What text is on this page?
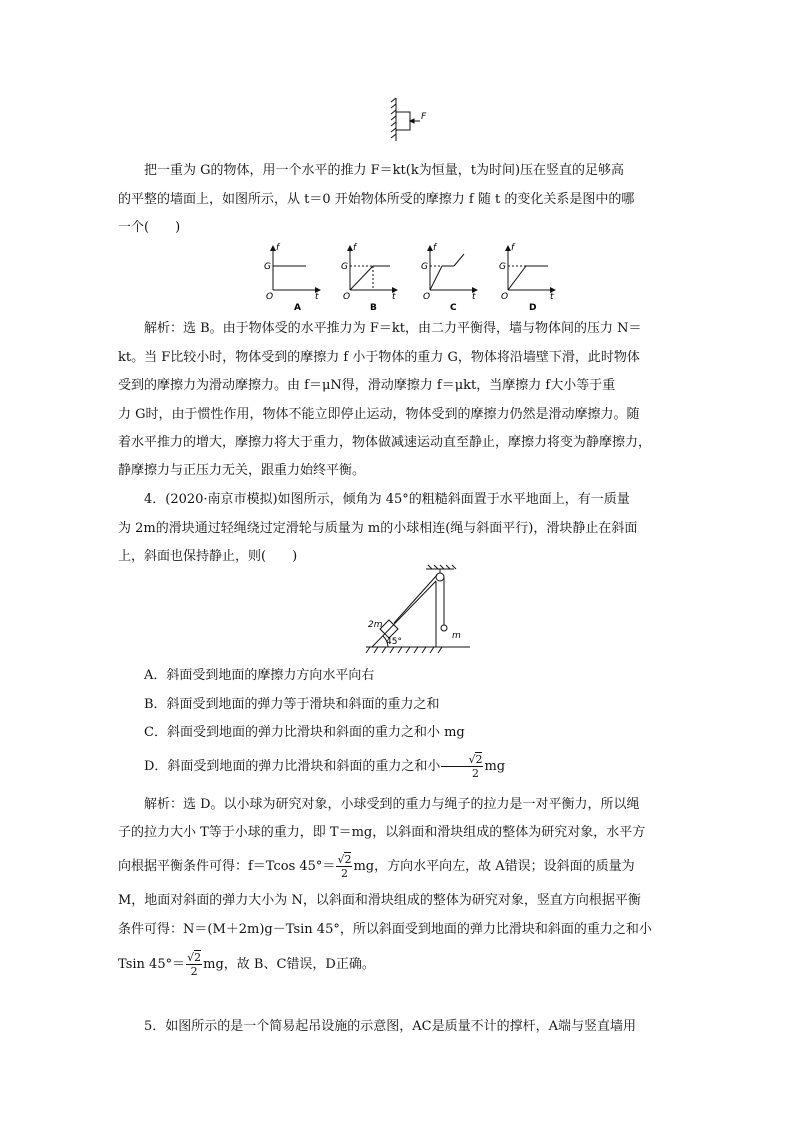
F

把一重为 G的物体，用一个水平的推力 F＝kt(k为恒量，t为时间)压在竖直的足够高

的平整的墙面上，如图所示，从 t＝0 开始物体所受的摩擦力 f 随 t 的变化关系是图中的哪

一个(　　)

f
G
O	t
f
G
O	t
f
G
O	t
f
G
O	t
A	B	C	D

解析：选 B。由于物体受的水平推力为 F＝kt，由二力平衡得，墙与物体间的压力 N＝

kt。当 F比较小时，物体受到的摩擦力 f 小于物体的重力 G，物体将沿墙壁下滑，此时物体

受到的摩擦力为滑动摩擦力。由 f＝μN得，滑动摩擦力 f＝μkt，当摩擦力 f大小等于重

力 G时，由于惯性作用，物体不能立即停止运动，物体受到的摩擦力仍然是滑动摩擦力。随

着水平推力的增大，摩擦力将大于重力，物体做减速运动直至静止，摩擦力将变为静摩擦力，

静摩擦力与正压力无关，跟重力始终平衡。

4．(2020·南京市模拟)如图所示，倾角为 45°的粗糙斜面置于水平地面上，有一质量

为 2m的滑块通过轻绳绕过定滑轮与质量为 m的小球相连(绳与斜面平行)，滑块静止在斜面

上，斜面也保持静止，则(　　)

2m
m
45°

A．斜面受到地面的摩擦力方向水平向右

B．斜面受到地面的弹力等于滑块和斜面的重力之和

C．斜面受到地面的弹力比滑块和斜面的重力之和小 mg

D．斜面受到地面的弹力比滑块和斜面的重力之和小 $\frac{√2}{2}$ mg

解析：选 D。以小球为研究对象，小球受到的重力与绳子的拉力是一对平衡力，所以绳

子的拉力大小 T等于小球的重力，即 T＝mg，以斜面和滑块组成的整体为研究对象，水平方

向根据平衡条件可得：f＝Tcos $45^\circ= \frac{√2}{2}$ mg，方向水平向左，故 A错误；设斜面的质量为

M，地面对斜面的弹力大小为 N，以斜面和滑块组成的整体为研究对象，竖直方向根据平衡

条件可得：N＝(M＋2m)g－Tsin 45°，所以斜面受到地面的弹力比滑块和斜面的重力之和小

Tsin $45^\circ= \frac{√2}{2}$ mg，故 B、C错误，D正确。

5．如图所示的是一个简易起吊设施的示意图，AC是质量不计的撑杆，A端与竖直墙用
